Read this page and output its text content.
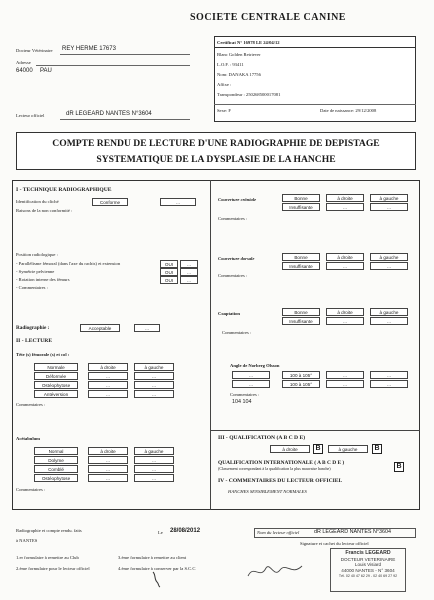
SOCIETE CENTRALE CANINE
Docteur Vétérinaire REY HERME 17673
Adresse
64000 PAU
Lecteur officiel	dR LEGEARD NANTES N°3604
Certificat N° 16978 LE 24/04/12
Blanc Golden Retriever
L.O.F. : 93411
Nom: DANAKA 17756
Affixe :
Transpondeur : 250268500017081
Sexe: F	Date de naissance: 29/12/2008
COMPTE RENDU DE LECTURE D'UNE RADIOGRAPHIE DE DEPISTAGE
SYSTEMATIQUE DE LA DYSPLASIE DE LA HANCHE
I - TECHNIQUE RADIOGRAPHIQUE
Identification du cliché	Conforme	...
Raisons de la non conformité :
Position radiologique :
- Parallélisme fémoral (dans l'axe du rachis) et extension
- Symétrie pelvienne
- Rotation interne des fémurs
- Commentaires :
OUI	...
OUI	...
OUI	...
Radiographie :	Acceptable	...
II - LECTURE
Tête (s) fémorale (s) et col :
Normale	à droite	à gauche
Déformée	...	...
Ostéophytose	...	...
Antéversion	...	...
Commentaires :
Acétabulum
Normal	à droite	à gauche
Dolyme	...	...
Comblé	...	...
Ostéophytose	...	...
Commentaires :
Couverture crâniale	Bonne	à droite	à gauche
Insuffisante	...	...
Commentaires :
Couverture dorsale	Bonne	à droite	à gauche
Insuffisante	...	...
Commentaires :
Coaptation	Bonne	à droite	à gauche
Insuffisante	...	...
Commentaires :
Angle de Norberg Olsson
...	100 à 105°	...	...
...	100 à 105°	...	...
Commentaires :
104 104
III - QUALIFICATION (A B C D E)
à droite	B	à gauche	B
QUALIFICATION INTERNATIONALE ( A B C D E )
(Classement correspondant à la qualification la plus mauvaise hanche)	B
IV - COMMENTAIRES DU LECTEUR OFFICIEL
HANCHES SENSIBLEMENT NORMALES
Radiographie et compte rendu. faits
à NANTES
Le 28/08/2012	Nom du lecteur officiel	dR LEGEARD NANTES N°3604
Signature et cachet du lecteur officiel
1.er formulaire à remettre au Club	3.ème formulaire à remettre au client
2.ème formulaire pour le lecteur officiel	4.ème formulaire à conserver par la S.C.C
Francis LEGEARD
DOCTEUR VETERINAIRE
Louis Visiard
44000 NANTES - N° 3604
Tél. 02 40 47 62 29 - 02 40 69 27 92
